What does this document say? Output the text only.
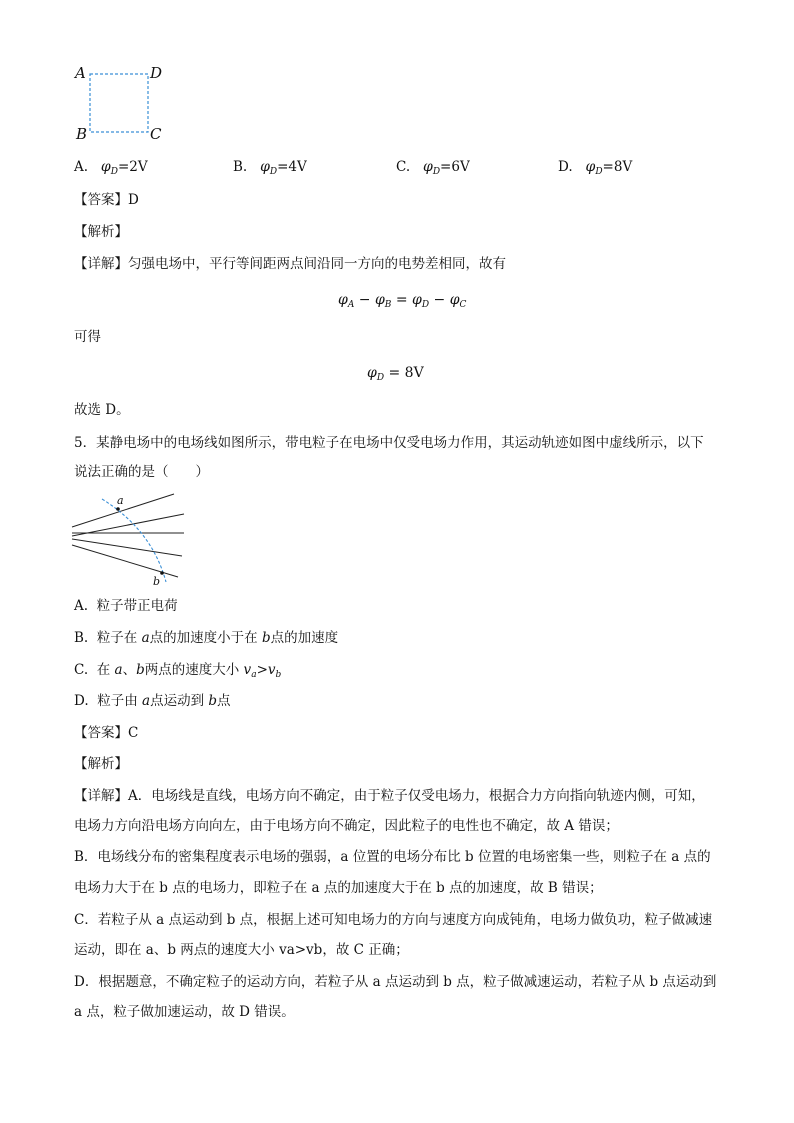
A	D
B	C
A. $\varphi_D=2V$	B. $\varphi_D=4V$	C. $\varphi_D=6V$	D. $\varphi_D=8V$
【答案】D
【解析】
【详解】匀强电场中，平行等间距两点间沿同一方向的电势差相同，故有
$\varphi_A - \varphi_B = \varphi_D - \varphi_C$
可得
$\varphi_D = 8V$
故选 D。
5．某静电场中的电场线如图所示，带电粒子在电场中仅受电场力作用，其运动轨迹如图中虚线所示，以下
说法正确的是（　　）
a
b
A. 粒子带正电荷
B. 粒子在 a点的加速度小于在 b点的加速度
C. 在 a、b两点的速度大小 $v_a>v_b$
D. 粒子由 a点运动到 b点
【答案】C
【解析】
【详解】A．电场线是直线，电场方向不确定，由于粒子仅受电场力，根据合力方向指向轨迹内侧，可知，
电场力方向沿电场方向向左，由于电场方向不确定，因此粒子的电性也不确定，故 A 错误；
B．电场线分布的密集程度表示电场的强弱，a 位置的电场分布比 b 位置的电场密集一些，则粒子在 a 点的
电场力大于在 b 点的电场力，即粒子在 a 点的加速度大于在 b 点的加速度，故 B 错误；
C．若粒子从 a 点运动到 b 点，根据上述可知电场力的方向与速度方向成钝角，电场力做负功，粒子做减速
运动，即在 a、b 两点的速度大小 va>vb，故 C 正确；
D．根据题意，不确定粒子的运动方向，若粒子从 a 点运动到 b 点，粒子做减速运动，若粒子从 b 点运动到
a 点，粒子做加速运动，故 D 错误。
